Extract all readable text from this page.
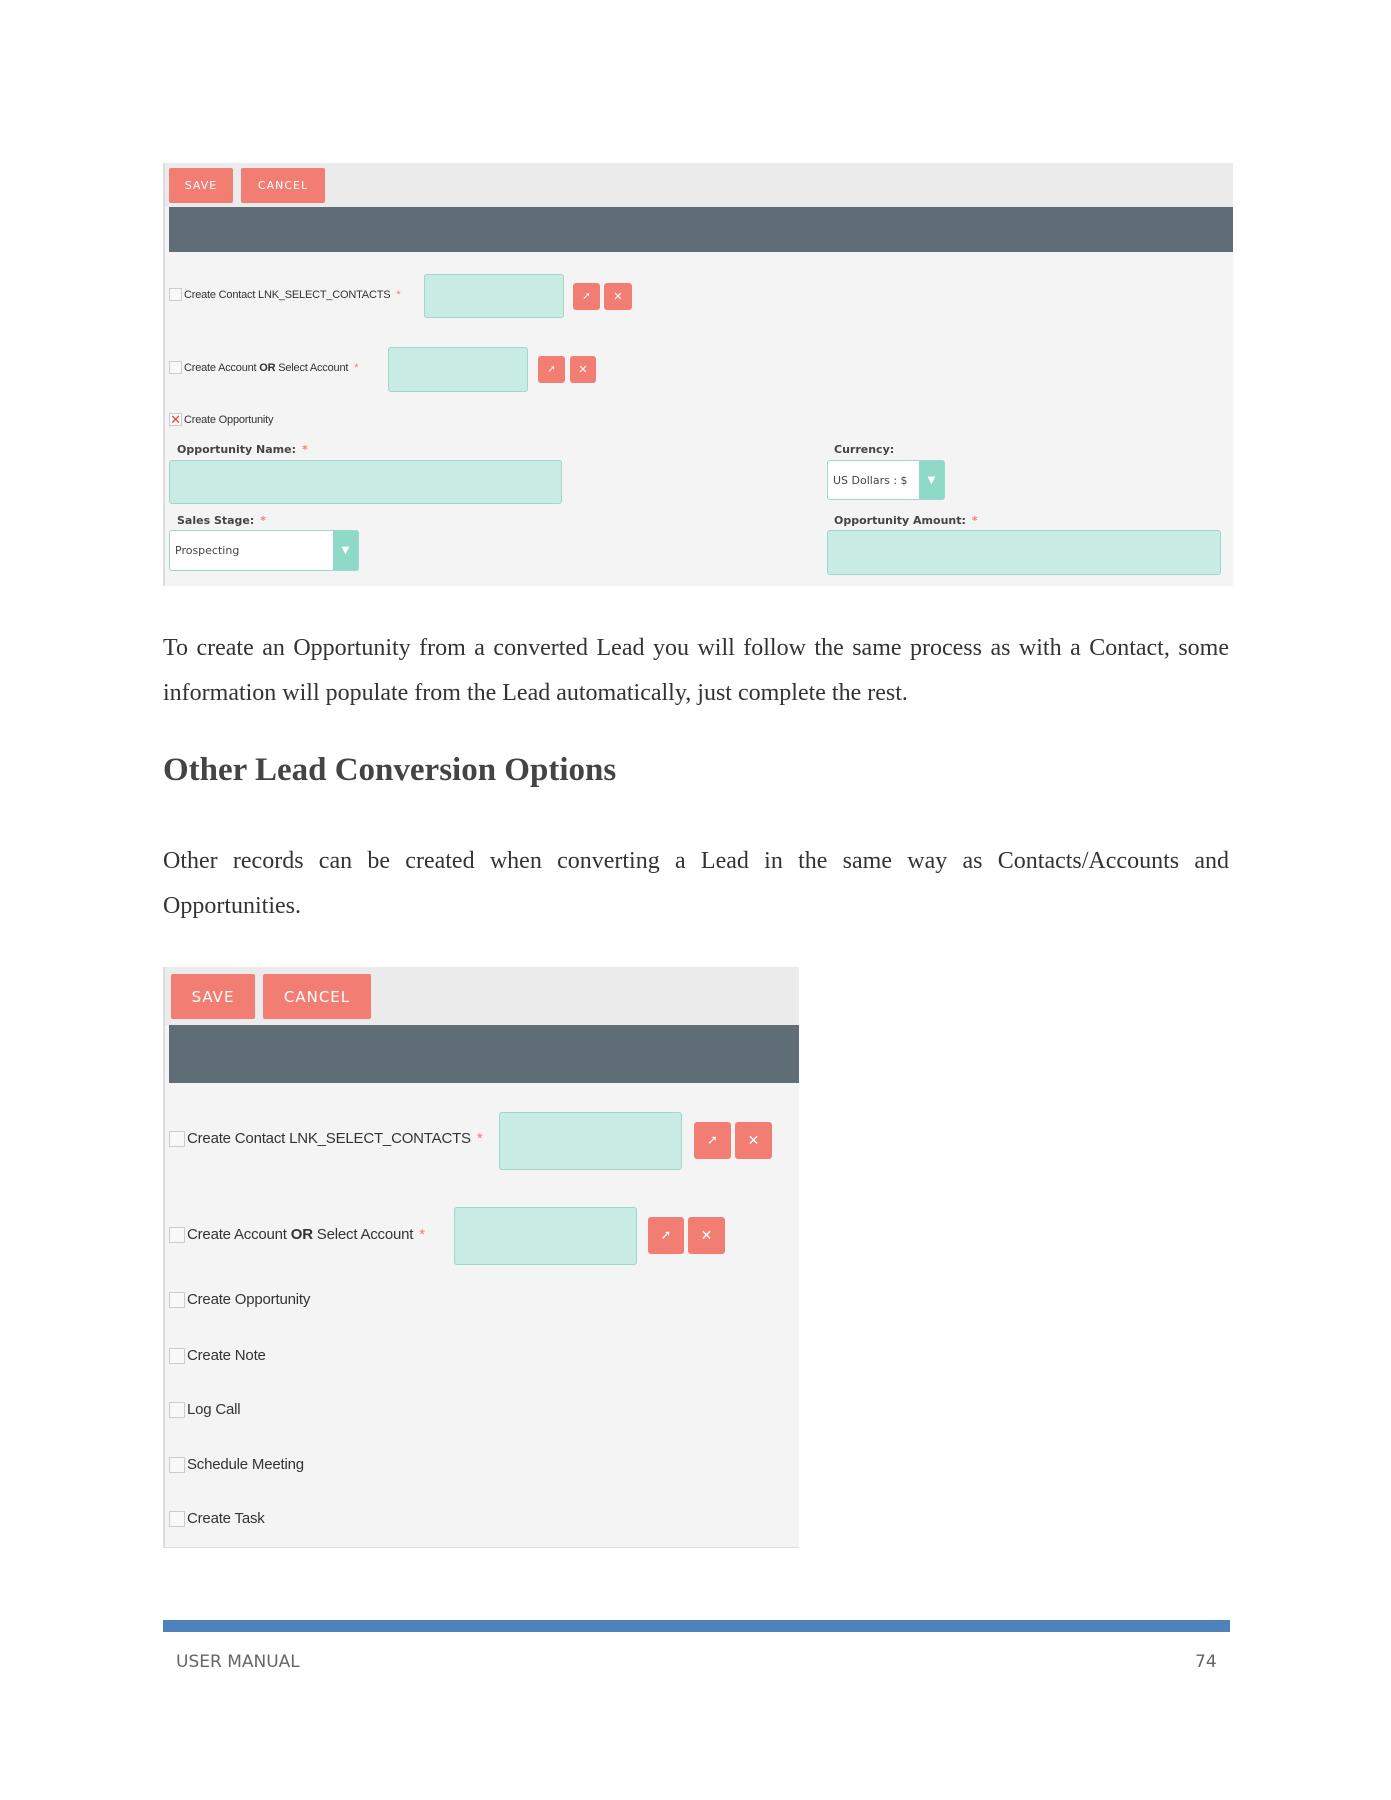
SAVE	CANCEL
Create Contact LNK_SELECT_CONTACTS *	➚ ✕
Create Account OR Select Account *	➚ ✕
✕ Create Opportunity
Opportunity Name: *	Currency:
US Dollars : $	▼
Sales Stage: *
Prospecting	▼
Opportunity Amount: *
To create an Opportunity from a converted Lead you will follow the same process as with a Contact, some information will populate from the Lead automatically, just complete the rest.
Other Lead Conversion Options
Other records can be created when converting a Lead in the same way as Contacts/Accounts and Opportunities.
SAVE	CANCEL
Create Contact LNK_SELECT_CONTACTS *	➚ ✕
Create Account OR Select Account *	➚ ✕
Create Opportunity
Create Note
Log Call
Schedule Meeting
Create Task
USER MANUAL	74
